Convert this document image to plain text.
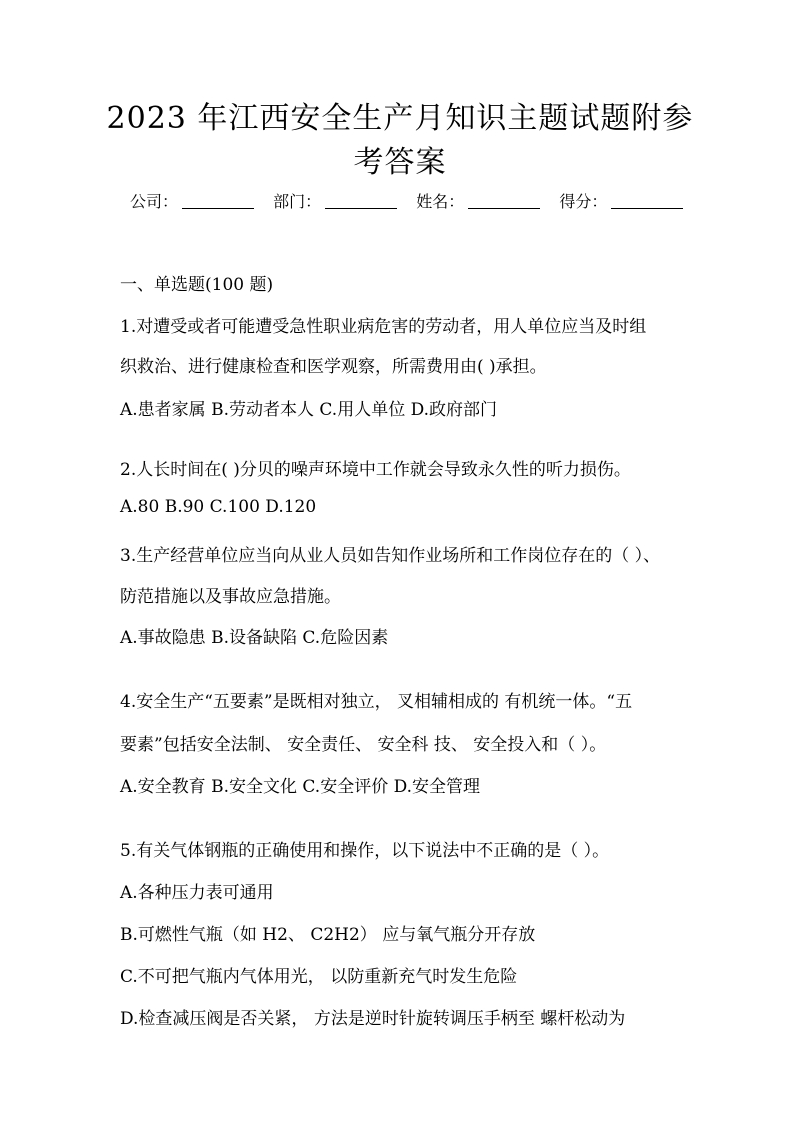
2023 年江西安全生产月知识主题试题附参
考答案
公司：	部门：	姓名：	得分：
一、单选题(100 题)
1.对遭受或者可能遭受急性职业病危害的劳动者，用人单位应当及时组
织救治、进行健康检查和医学观察，所需费用由( )承担。
A.患者家属 B.劳动者本人 C.用人单位 D.政府部门
2.人长时间在( )分贝的噪声环境中工作就会导致永久性的听力损伤。
A.80 B.90 C.100 D.120
3.生产经营单位应当向从业人员如告知作业场所和工作岗位存在的（ ）、
防范措施以及事故应急措施。
A.事故隐患 B.设备缺陷 C.危险因素
4.安全生产“五要素”是既相对独立， 叉相辅相成的 有机统一体。“五
要素”包括安全法制、 安全责任、 安全科 技、 安全投入和（ ）。
A.安全教育 B.安全文化 C.安全评价 D.安全管理
5.有关气体钢瓶的正确使用和操作，以下说法中不正确的是（ ）。
A.各种压力表可通用
B.可燃性气瓶（如 H2、 C2H2） 应与氧气瓶分开存放
C.不可把气瓶内气体用光， 以防重新充气时发生危险
D.检查减压阀是否关紧， 方法是逆时针旋转调压手柄至 螺杆松动为
